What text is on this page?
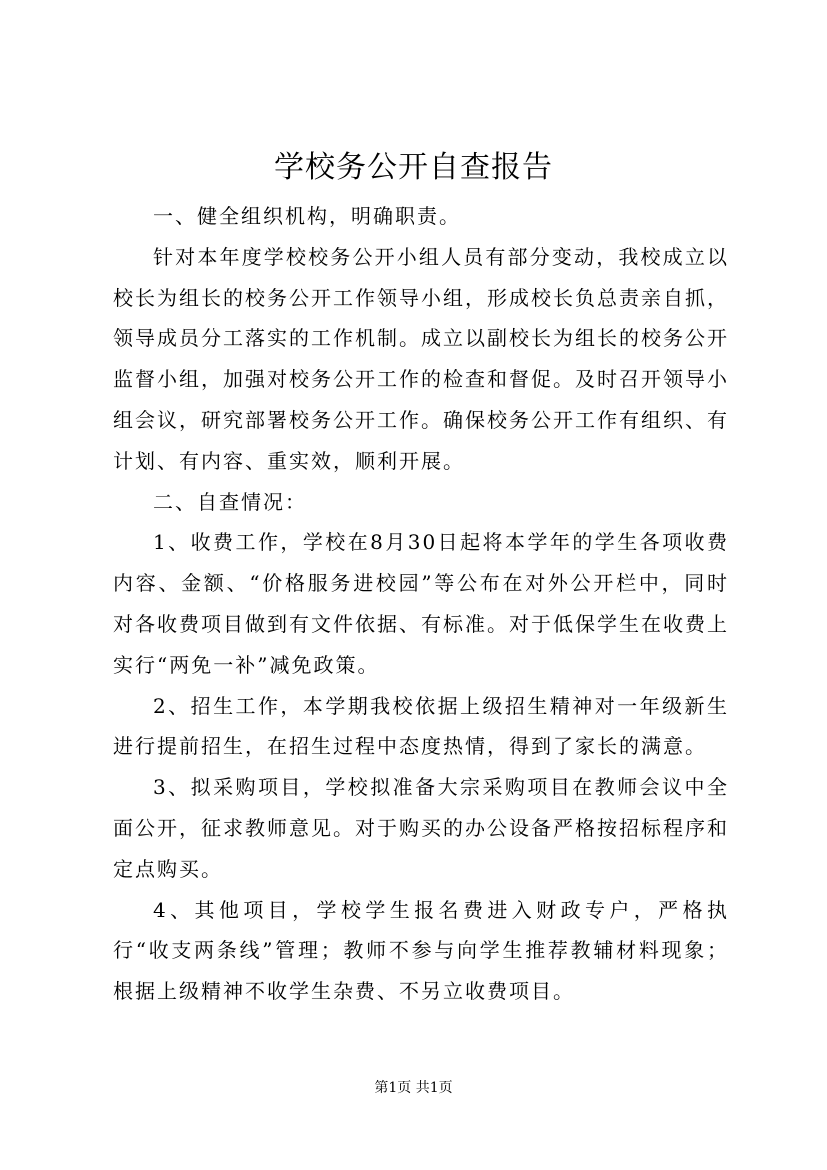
学校务公开自查报告

一、健全组织机构，明确职责。

针对本年度学校校务公开小组人员有部分变动，我校成立以校长为组长的校务公开工作领导小组，形成校长负总责亲自抓，领导成员分工落实的工作机制。成立以副校长为组长的校务公开监督小组，加强对校务公开工作的检查和督促。及时召开领导小组会议，研究部署校务公开工作。确保校务公开工作有组织、有计划、有内容、重实效，顺利开展。

二、自查情况：

1、收费工作，学校在8月30日起将本学年的学生各项收费内容、金额、“价格服务进校园”等公布在对外公开栏中，同时对各收费项目做到有文件依据、有标准。对于低保学生在收费上实行“两免一补”减免政策。

2、招生工作，本学期我校依据上级招生精神对一年级新生进行提前招生，在招生过程中态度热情，得到了家长的满意。

3、拟采购项目，学校拟准备大宗采购项目在教师会议中全面公开，征求教师意见。对于购买的办公设备严格按招标程序和定点购买。

4、其他项目，学校学生报名费进入财政专户，严格执行“收支两条线”管理；教师不参与向学生推荐教辅材料现象；根据上级精神不收学生杂费、不另立收费项目。

第1页 共1页
